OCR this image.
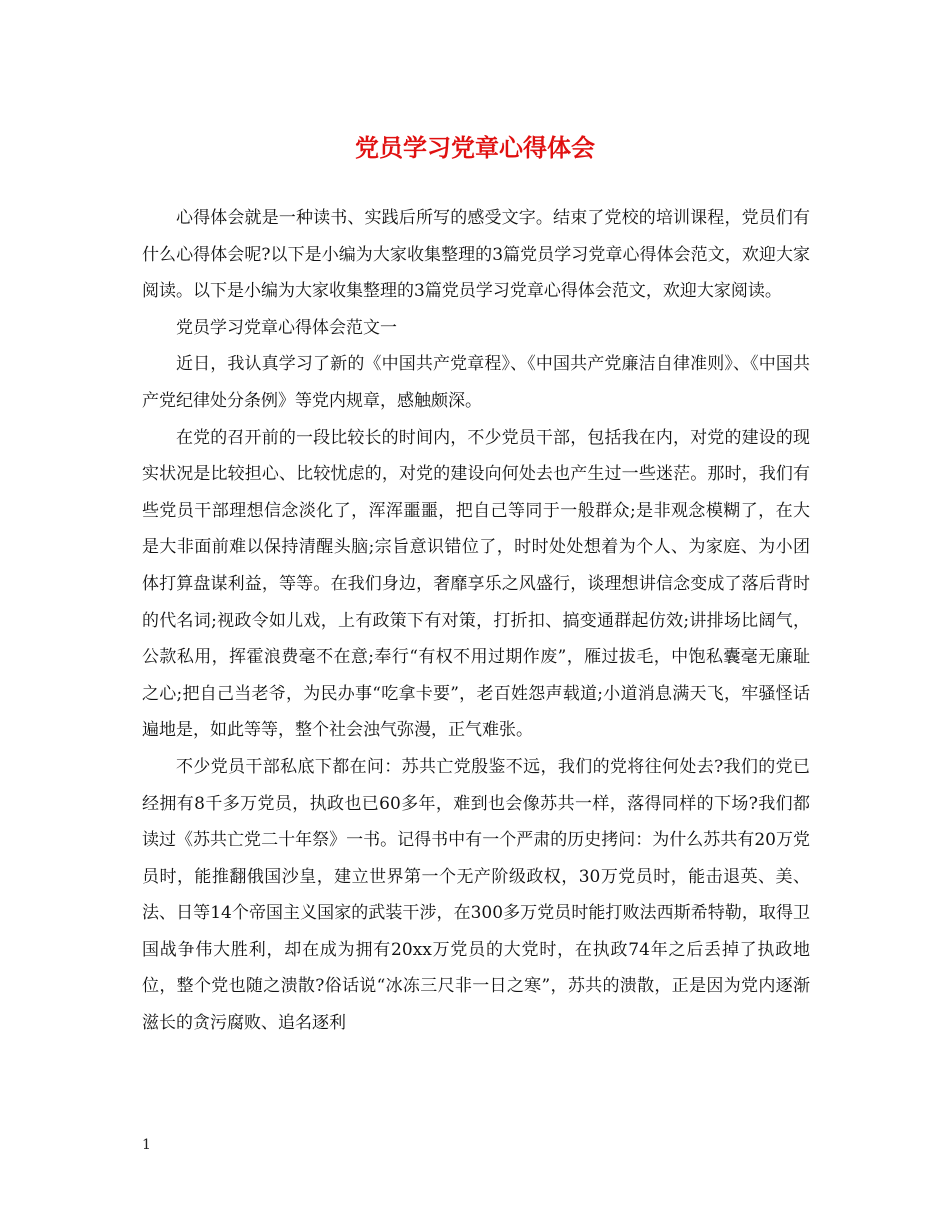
党员学习党章心得体会

心得体会就是一种读书、实践后所写的感受文字。结束了党校的培训课程，党员们有什么心得体会呢?以下是小编为大家收集整理的3篇党员学习党章心得体会范文，欢迎大家阅读。以下是小编为大家收集整理的3篇党员学习党章心得体会范文，欢迎大家阅读。

党员学习党章心得体会范文一

近日，我认真学习了新的《中国共产党章程》、《中国共产党廉洁自律准则》、《中国共产党纪律处分条例》等党内规章，感触颇深。

在党的召开前的一段比较长的时间内，不少党员干部，包括我在内，对党的建设的现实状况是比较担心、比较忧虑的，对党的建设向何处去也产生过一些迷茫。那时，我们有些党员干部理想信念淡化了，浑浑噩噩，把自己等同于一般群众;是非观念模糊了，在大是大非面前难以保持清醒头脑;宗旨意识错位了，时时处处想着为个人、为家庭、为小团体打算盘谋利益，等等。在我们身边，奢靡享乐之风盛行，谈理想讲信念变成了落后背时的代名词;视政令如儿戏，上有政策下有对策，打折扣、搞变通群起仿效;讲排场比阔气，公款私用，挥霍浪费毫不在意;奉行“有权不用过期作废”，雁过拔毛，中饱私囊毫无廉耻之心;把自己当老爷，为民办事“吃拿卡要”，老百姓怨声载道;小道消息满天飞，牢骚怪话遍地是，如此等等，整个社会浊气弥漫，正气难张。

不少党员干部私底下都在问：苏共亡党殷鉴不远，我们的党将往何处去?我们的党已经拥有8千多万党员，执政也已60多年，难到也会像苏共一样，落得同样的下场?我们都读过《苏共亡党二十年祭》一书。记得书中有一个严肃的历史拷问：为什么苏共有20万党员时，能推翻俄国沙皇，建立世界第一个无产阶级政权，30万党员时，能击退英、美、法、日等14个帝国主义国家的武装干涉，在300多万党员时能打败法西斯希特勒，取得卫国战争伟大胜利，却在成为拥有20xx万党员的大党时，在执政74年之后丢掉了执政地位，整个党也随之溃散?俗话说“冰冻三尺非一日之寒”，苏共的溃散，正是因为党内逐渐滋长的贪污腐败、追名逐利

1
